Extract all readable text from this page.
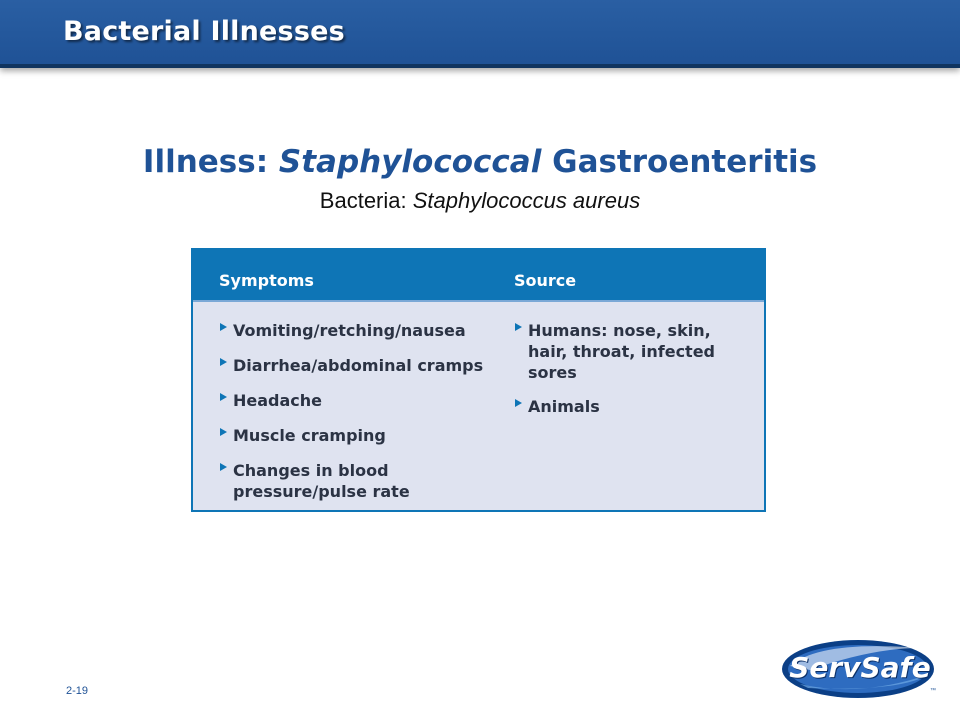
Bacterial Illnesses
Illness: Staphylococcal Gastroenteritis
Bacteria: Staphylococcus aureus
Symptoms	Source
Vomiting/retching/nausea
Diarrhea/abdominal cramps
Headache
Muscle cramping
Changes in blood pressure/pulse rate
Humans: nose, skin, hair, throat, infected sores
Animals
2-19
ServSafe
™
